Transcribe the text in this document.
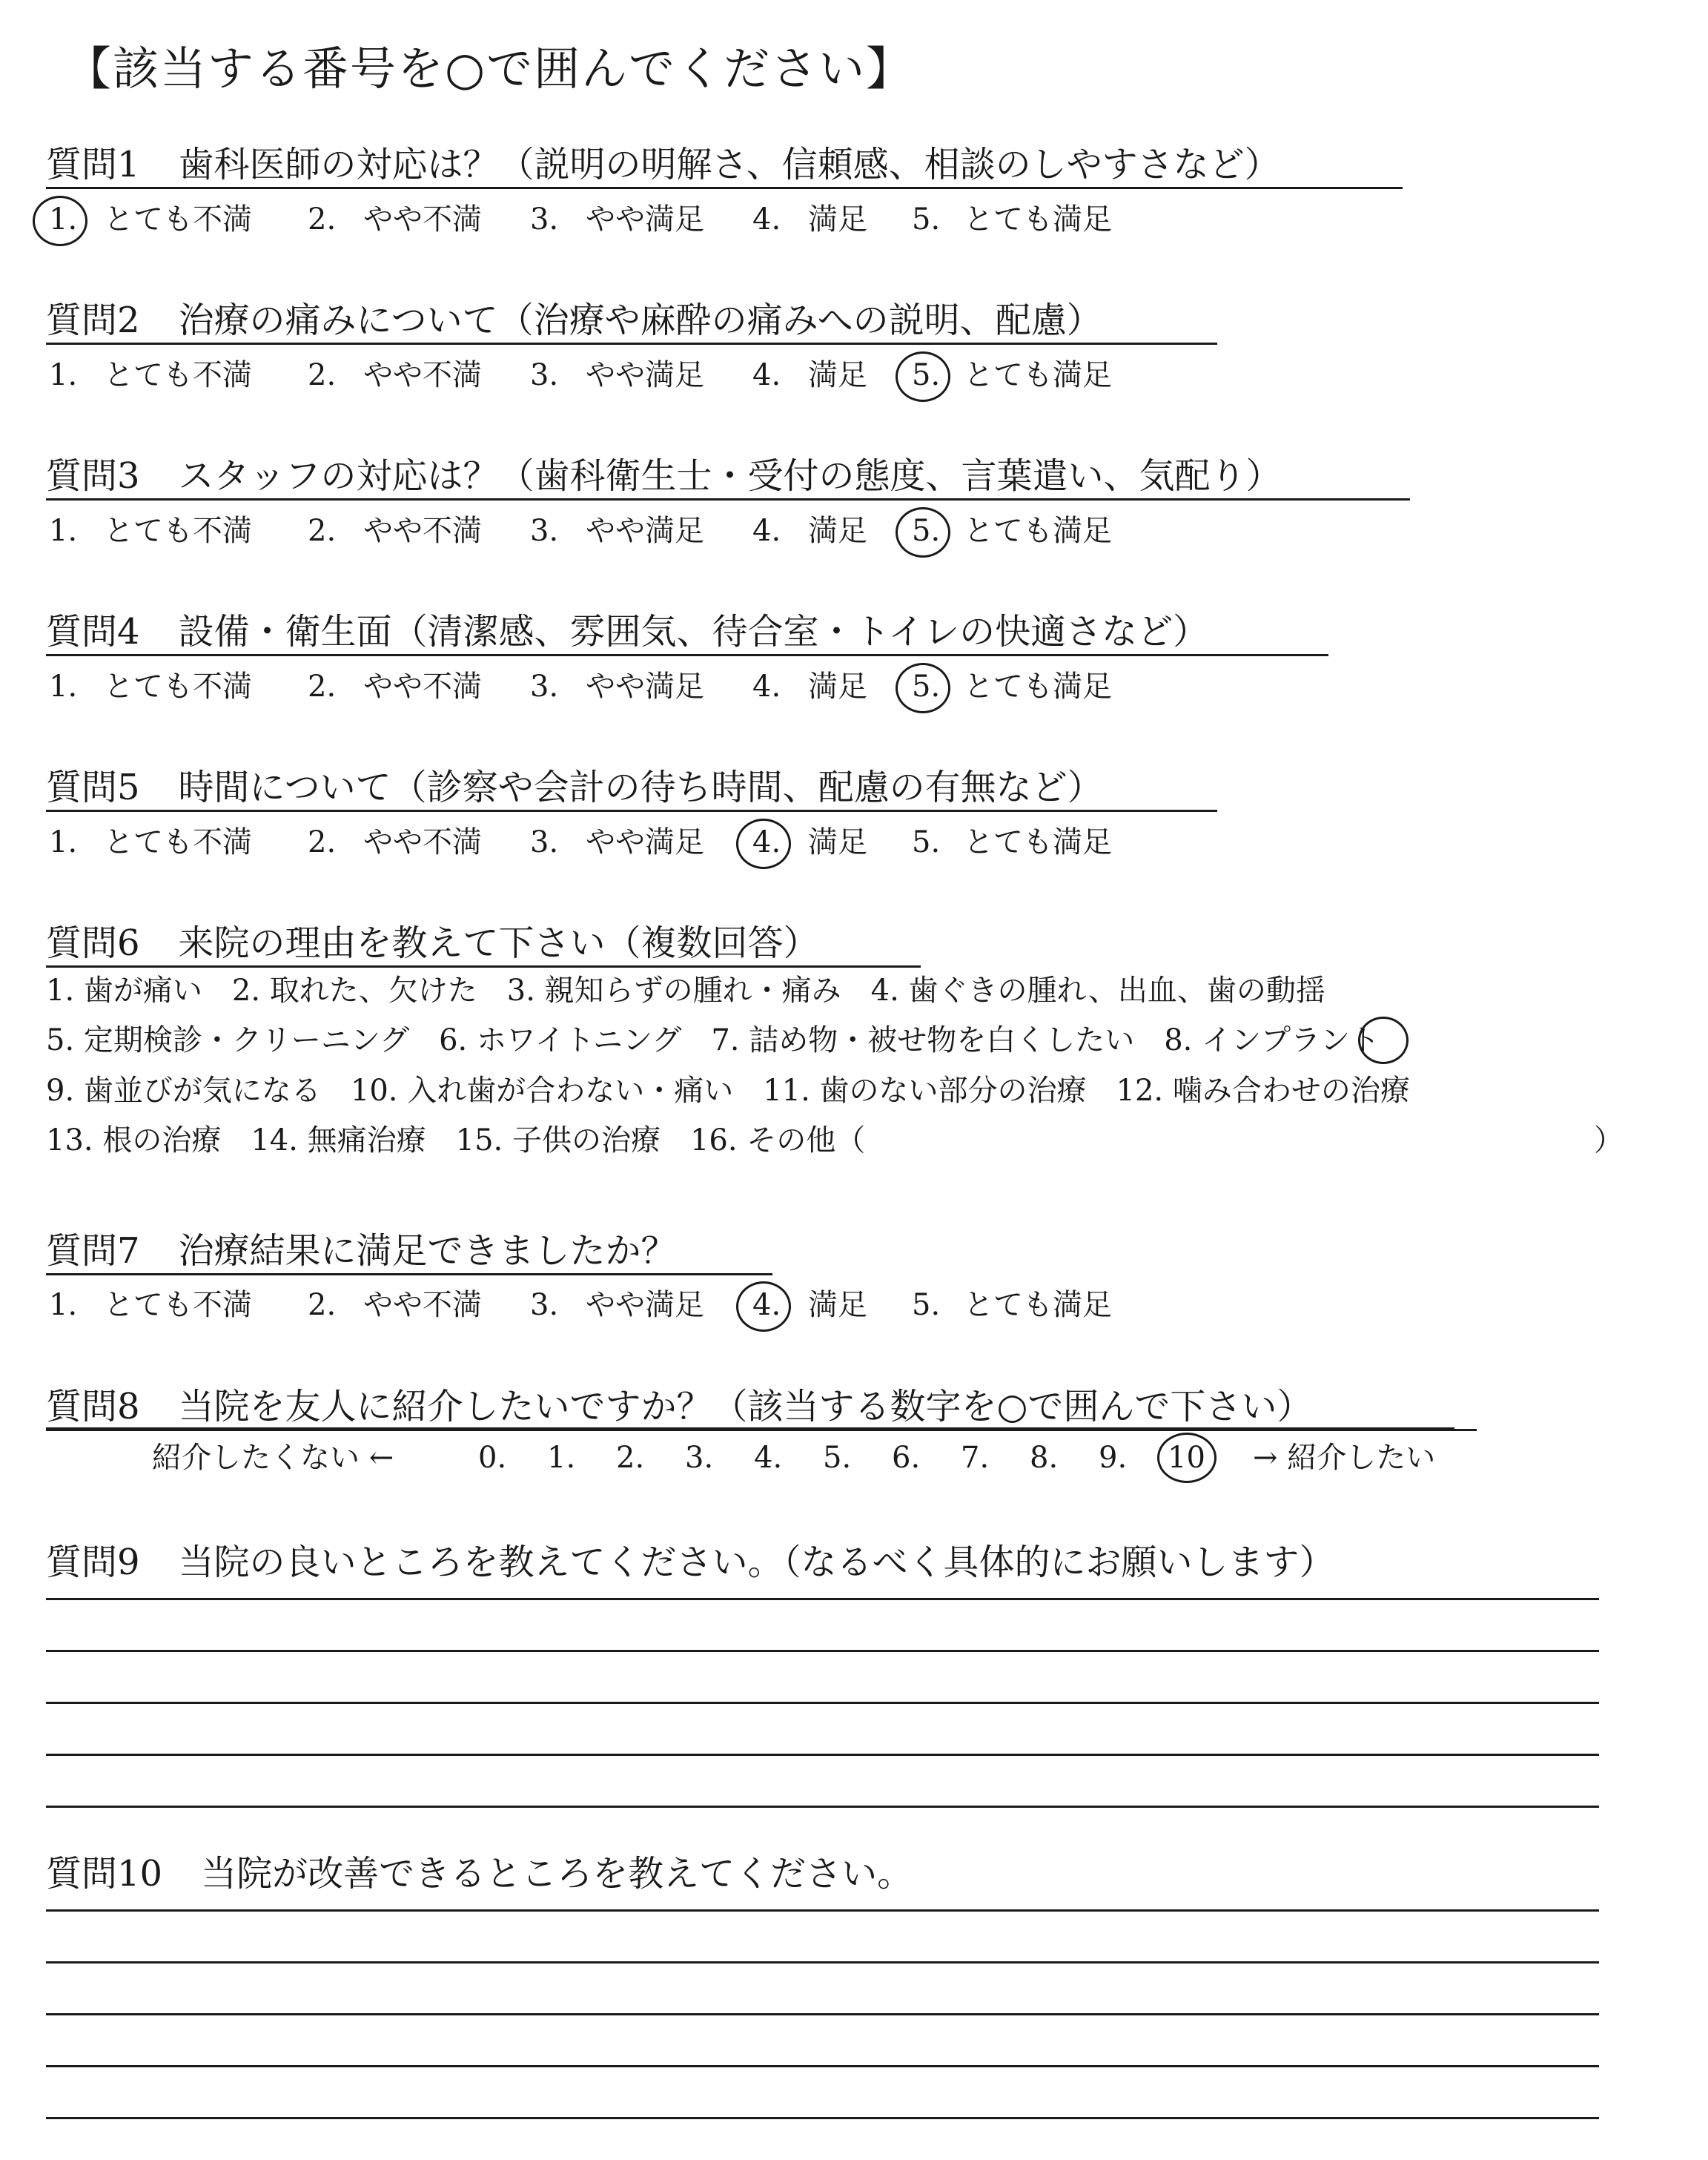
【該当する番号を○で囲んでください】
質問1 歯科医師の対応は？（説明の明解さ、信頼感、相談のしやすさなど）
1. とても不満 2. やや不満 3. やや満足 4. 満足 5. とても満足
質問2 治療の痛みについて（治療や麻酔の痛みへの説明、配慮）
1. とても不満 2. やや不満 3. やや満足 4. 満足 5. とても満足
質問3 スタッフの対応は？（歯科衛生士・受付の態度、言葉遣い、気配り）
1. とても不満 2. やや不満 3. やや満足 4. 満足 5. とても満足
質問4 設備・衛生面（清潔感、雰囲気、待合室・トイレの快適さなど）
1. とても不満 2. やや不満 3. やや満足 4. 満足 5. とても満足
質問5 時間について（診察や会計の待ち時間、配慮の有無など）
1. とても不満 2. やや不満 3. やや満足 4. 満足 5. とても満足
質問6 来院の理由を教えて下さい（複数回答）
1. 歯が痛い　2. 取れた、欠けた　3. 親知らずの腫れ・痛み　4. 歯ぐきの腫れ、出血、歯の動揺
5. 定期検診・クリーニング　6. ホワイトニング　7. 詰め物・被せ物を白くしたい　8. インプラント
9. 歯並びが気になる　10. 入れ歯が合わない・痛い　11. 歯のない部分の治療　12. 噛み合わせの治療
13. 根の治療　14. 無痛治療　15. 子供の治療　16. その他（	）
質問7 治療結果に満足できましたか？
1. とても不満 2. やや不満 3. やや満足 4. 満足 5. とても満足
質問8 当院を友人に紹介したいですか？（該当する数字を○で囲んで下さい）
紹介したくない ←	0. 1. 2. 3. 4. 5. 6. 7. 8. 9. 10 → 紹介したい
質問9 当院の良いところを教えてください。（なるべく具体的にお願いします）
質問10 当院が改善できるところを教えてください。
